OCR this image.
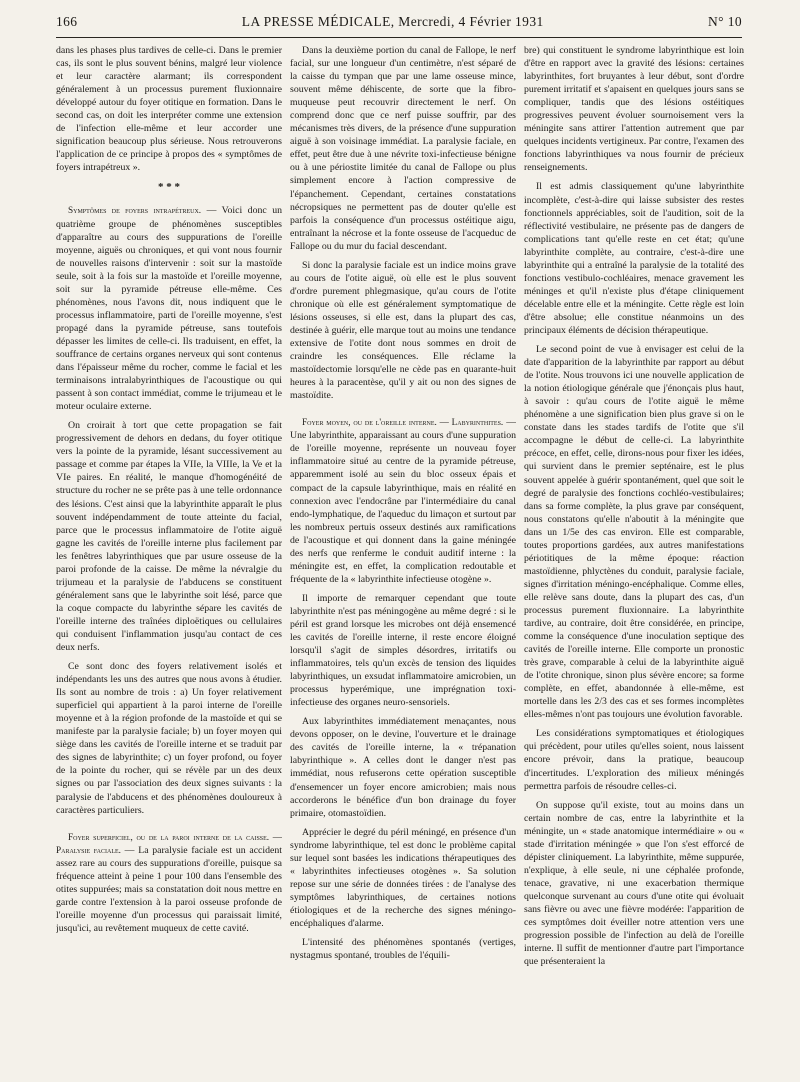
166	LA PRESSE MÉDICALE, Mercredi, 4 Février 1931	N° 10

dans les phases plus tardives de celle-ci. Dans le premier cas, ils sont le plus souvent bénins, malgré leur violence et leur caractère alarmant; ils correspondent généralement à un processus purement fluxionnaire développé autour du foyer otitique en formation. Dans le second cas, on doit les interpréter comme une extension de l'infection elle-même et leur accorder une signification beaucoup plus sérieuse. Nous retrouverons l'application de ce principe à propos des « symptômes de foyers intrapétreux ».

* * *

Symptômes de foyers intrapétreux. — Voici donc un quatrième groupe de phénomènes susceptibles d'apparaître au cours des suppurations de l'oreille moyenne, aiguës ou chroniques, et qui vont nous fournir de nouvelles raisons d'intervenir : soit sur la mastoïde seule, soit à la fois sur la mastoïde et l'oreille moyenne, soit sur la pyramide pétreuse elle-même. Ces phénomènes, nous l'avons dit, nous indiquent que le processus inflammatoire, parti de l'oreille moyenne, s'est propagé dans la pyramide pétreuse, sans toutefois dépasser les limites de celle-ci. Ils traduisent, en effet, la souffrance de certains organes nerveux qui sont contenus dans l'épaisseur même du rocher, comme le facial et les terminaisons intralabyrinthiques de l'acoustique ou qui passent à son contact immédiat, comme le trijumeau et le moteur oculaire externe.

On croirait à tort que cette propagation se fait progressivement de dehors en dedans, du foyer otitique vers la pointe de la pyramide, lésant successivement au passage et comme par étapes la VIIe, la VIIIe, la Ve et la VIe paires. En réalité, le manque d'homogénéité de structure du rocher ne se prête pas à une telle ordonnance des lésions. C'est ainsi que la labyrinthite apparaît le plus souvent indépendamment de toute atteinte du facial, parce que le processus inflammatoire de l'otite aiguë gagne les cavités de l'oreille interne plus facilement par les fenêtres labyrinthiques que par usure osseuse de la paroi profonde de la caisse. De même la névralgie du trijumeau et la paralysie de l'abducens se constituent généralement sans que le labyrinthe soit lésé, parce que la coque compacte du labyrinthe sépare les cavités de l'oreille interne des traînées diploëtiques ou cellulaires qui conduisent l'inflammation jusqu'au contact de ces deux nerfs.

Ce sont donc des foyers relativement isolés et indépendants les uns des autres que nous avons à étudier. Ils sont au nombre de trois : a) Un foyer relativement superficiel qui appartient à la paroi interne de l'oreille moyenne et à la région profonde de la mastoïde et qui se manifeste par la paralysie faciale; b) un foyer moyen qui siège dans les cavités de l'oreille interne et se traduit par des signes de labyrinthite; c) un foyer profond, ou foyer de la pointe du rocher, qui se révèle par un des deux signes ou par l'association des deux signes suivants : la paralysie de l'abducens et des phénomènes douloureux à caractères particuliers.

Foyer superficiel, ou de la paroi interne de la caisse. — Paralysie faciale. — La paralysie faciale est un accident assez rare au cours des suppurations d'oreille, puisque sa fréquence atteint à peine 1 pour 100 dans l'ensemble des otites suppurées; mais sa constatation doit nous mettre en garde contre l'extension à la paroi osseuse profonde de l'oreille moyenne d'un processus qui paraissait limité, jusqu'ici, au revêtement muqueux de cette cavité.

Dans la deuxième portion du canal de Fallope, le nerf facial, sur une longueur d'un centimètre, n'est séparé de la caisse du tympan que par une lame osseuse mince, souvent même déhiscente, de sorte que la fibro-muqueuse peut recouvrir directement le nerf. On comprend donc que ce nerf puisse souffrir, par des mécanismes très divers, de la présence d'une suppuration aiguë à son voisinage immédiat. La paralysie faciale, en effet, peut être due à une névrite toxi-infectieuse bénigne ou à une périostite limitée du canal de Fallope ou plus simplement encore à l'action compressive de l'épanchement. Cependant, certaines constatations nécropsiques ne permettent pas de douter qu'elle est parfois la conséquence d'un processus ostéitique aigu, entraînant la nécrose et la fonte osseuse de l'acqueduc de Fallope ou du mur du facial descendant.

Si donc la paralysie faciale est un indice moins grave au cours de l'otite aiguë, où elle est le plus souvent d'ordre purement phlegmasique, qu'au cours de l'otite chronique où elle est généralement symptomatique de lésions osseuses, si elle est, dans la plupart des cas, destinée à guérir, elle marque tout au moins une tendance extensive de l'otite dont nous sommes en droit de craindre les conséquences. Elle réclame la mastoïdectomie lorsqu'elle ne cède pas en quarante-huit heures à la paracentèse, qu'il y ait ou non des signes de mastoïdite.

Foyer moyen, ou de l'oreille interne. — Labyrinthites. — Une labyrinthite, apparaissant au cours d'une suppuration de l'oreille moyenne, représente un nouveau foyer inflammatoire situé au centre de la pyramide pétreuse, apparemment isolé au sein du bloc osseux épais et compact de la capsule labyrinthique, mais en réalité en connexion avec l'endocrâne par l'intermédiaire du canal endo-lymphatique, de l'aqueduc du limaçon et surtout par les nombreux pertuis osseux destinés aux ramifications de l'acoustique et qui donnent dans la gaine méningée des nerfs que renferme le conduit auditif interne : la méningite est, en effet, la complication redoutable et fréquente de la « labyrinthite infectieuse otogène ».

Il importe de remarquer cependant que toute labyrinthite n'est pas méningogène au même degré : si le péril est grand lorsque les microbes ont déjà ensemencé les cavités de l'oreille interne, il reste encore éloigné lorsqu'il s'agit de simples désordres, irritatifs ou inflammatoires, tels qu'un excès de tension des liquides labyrinthiques, un exsudat inflammatoire amicrobien, un processus hyperémique, une imprégnation toxi-infectieuse des organes neuro-sensoriels.

Aux labyrinthites immédiatement menaçantes, nous devons opposer, on le devine, l'ouverture et le drainage des cavités de l'oreille interne, la « trépanation labyrinthique ». A celles dont le danger n'est pas immédiat, nous refuserons cette opération susceptible d'ensemencer un foyer encore amicrobien; mais nous accorderons le bénéfice d'un bon drainage du foyer primaire, otomastoïdien.

Apprécier le degré du péril méningé, en présence d'un syndrome labyrinthique, tel est donc le problème capital sur lequel sont basées les indications thérapeutiques des « labyrinthites infectieuses otogènes ». Sa solution repose sur une série de données tirées : de l'analyse des symptômes labyrinthiques, de certaines notions étiologiques et de la recherche des signes méningo-encéphaliques d'alarme.

L'intensité des phénomènes spontanés (vertiges, nystagmus spontané, troubles de l'équili-

bre) qui constituent le syndrome labyrinthique est loin d'être en rapport avec la gravité des lésions: certaines labyrinthites, fort bruyantes à leur début, sont d'ordre purement irritatif et s'apaisent en quelques jours sans se compliquer, tandis que des lésions ostéitiques progressives peuvent évoluer sournoisement vers la méningite sans attirer l'attention autrement que par quelques incidents vertigineux. Par contre, l'examen des fonctions labyrinthiques va nous fournir de précieux renseignements.

Il est admis classiquement qu'une labyrinthite incomplète, c'est-à-dire qui laisse subsister des restes fonctionnels appréciables, soit de l'audition, soit de la réflectivité vestibulaire, ne présente pas de dangers de complications tant qu'elle reste en cet état; qu'une labyrinthite complète, au contraire, c'est-à-dire une labyrinthite qui a entraîné la paralysie de la totalité des fonctions vestibulo-cochléaires, menace gravement les méninges et qu'il n'existe plus d'étape cliniquement décelable entre elle et la méningite. Cette règle est loin d'être absolue; elle constitue néanmoins un des principaux éléments de décision thérapeutique.

Le second point de vue à envisager est celui de la date d'apparition de la labyrinthite par rapport au début de l'otite. Nous trouvons ici une nouvelle application de la notion étiologique générale que j'énonçais plus haut, à savoir : qu'au cours de l'otite aiguë le même phénomène a une signification bien plus grave si on le constate dans les stades tardifs de l'otite que s'il accompagne le début de celle-ci. La labyrinthite précoce, en effet, celle, dirons-nous pour fixer les idées, qui survient dans le premier septénaire, est le plus souvent appelée à guérir spontanément, quel que soit le degré de paralysie des fonctions cochléo-vestibulaires; dans sa forme complète, la plus grave par conséquent, nous constatons qu'elle n'aboutit à la méningite que dans un 1/5e des cas environ. Elle est comparable, toutes proportions gardées, aux autres manifestations périotitiques de la même époque: réaction mastoïdienne, phlyctènes du conduit, paralysie faciale, signes d'irritation méningo-encéphalique. Comme elles, elle relève sans doute, dans la plupart des cas, d'un processus purement fluxionnaire. La labyrinthite tardive, au contraire, doit être considérée, en principe, comme la conséquence d'une inoculation septique des cavités de l'oreille interne. Elle comporte un pronostic très grave, comparable à celui de la labyrinthite aiguë de l'otite chronique, sinon plus sévère encore; sa forme complète, en effet, abandonnée à elle-même, est mortelle dans les 2/3 des cas et ses formes incomplètes elles-mêmes n'ont pas toujours une évolution favorable.

Les considérations symptomatiques et étiologiques qui précèdent, pour utiles qu'elles soient, nous laissent encore prévoir, dans la pratique, beaucoup d'incertitudes. L'exploration des milieux méningés permettra parfois de résoudre celles-ci.

On suppose qu'il existe, tout au moins dans un certain nombre de cas, entre la labyrinthite et la méningite, un « stade anatomique intermédiaire » ou « stade d'irritation méningée » que l'on s'est efforcé de dépister cliniquement. La labyrinthite, même suppurée, n'explique, à elle seule, ni une céphalée profonde, tenace, gravative, ni une exacerbation thermique quelconque survenant au cours d'une otite qui évoluait sans fièvre ou avec une fièvre modérée: l'apparition de ces symptômes doit éveiller notre attention vers une progression possible de l'infection au delà de l'oreille interne. Il suffit de mentionner d'autre part l'importance que présenteraient la
